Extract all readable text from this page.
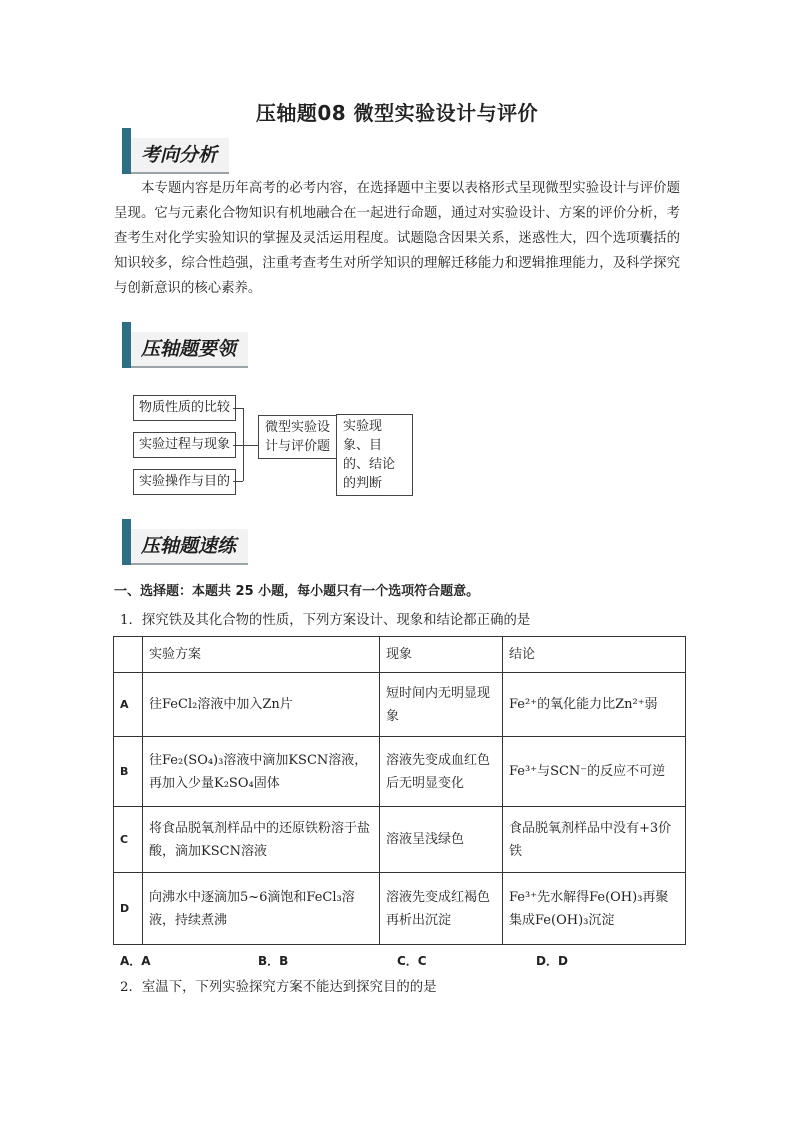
压轴题08 微型实验设计与评价
考向分析
本专题内容是历年高考的必考内容，在选择题中主要以表格形式呈现微型实验设计与评价题呈现。它与元素化合物知识有机地融合在一起进行命题，通过对实验设计、方案的评价分析，考查考生对化学实验知识的掌握及灵活运用程度。试题隐含因果关系，迷惑性大，四个选项囊括的知识较多，综合性趋强，注重考查考生对所学知识的理解迁移能力和逻辑推理能力，及科学探究与创新意识的核心素养。
压轴题要领
物质性质的比较
实验过程与现象
实验操作与目的
微型实验设计与评价题
实验现象、目的、结论的判断
压轴题速练
一、选择题：本题共 25 小题，每小题只有一个选项符合题意。
1．探究铁及其化合物的性质，下列方案设计、现象和结论都正确的是
	实验方案	现象	结论
A	往FeCl₂溶液中加入Zn片	短时间内无明显现象	Fe²⁺的氧化能力比Zn²⁺弱
B	往Fe₂(SO₄)₃溶液中滴加KSCN溶液，再加入少量K₂SO₄固体	溶液先变成血红色后无明显变化	Fe³⁺与SCN⁻的反应不可逆
C	将食品脱氧剂样品中的还原铁粉溶于盐酸，滴加KSCN溶液	溶液呈浅绿色	食品脱氧剂样品中没有+3价铁
D	向沸水中逐滴加5~6滴饱和FeCl₃溶液，持续煮沸	溶液先变成红褐色再析出沉淀	Fe³⁺先水解得Fe(OH)₃再聚集成Fe(OH)₃沉淀
A．A	B．B	C．C	D．D
2．室温下，下列实验探究方案不能达到探究目的的是
